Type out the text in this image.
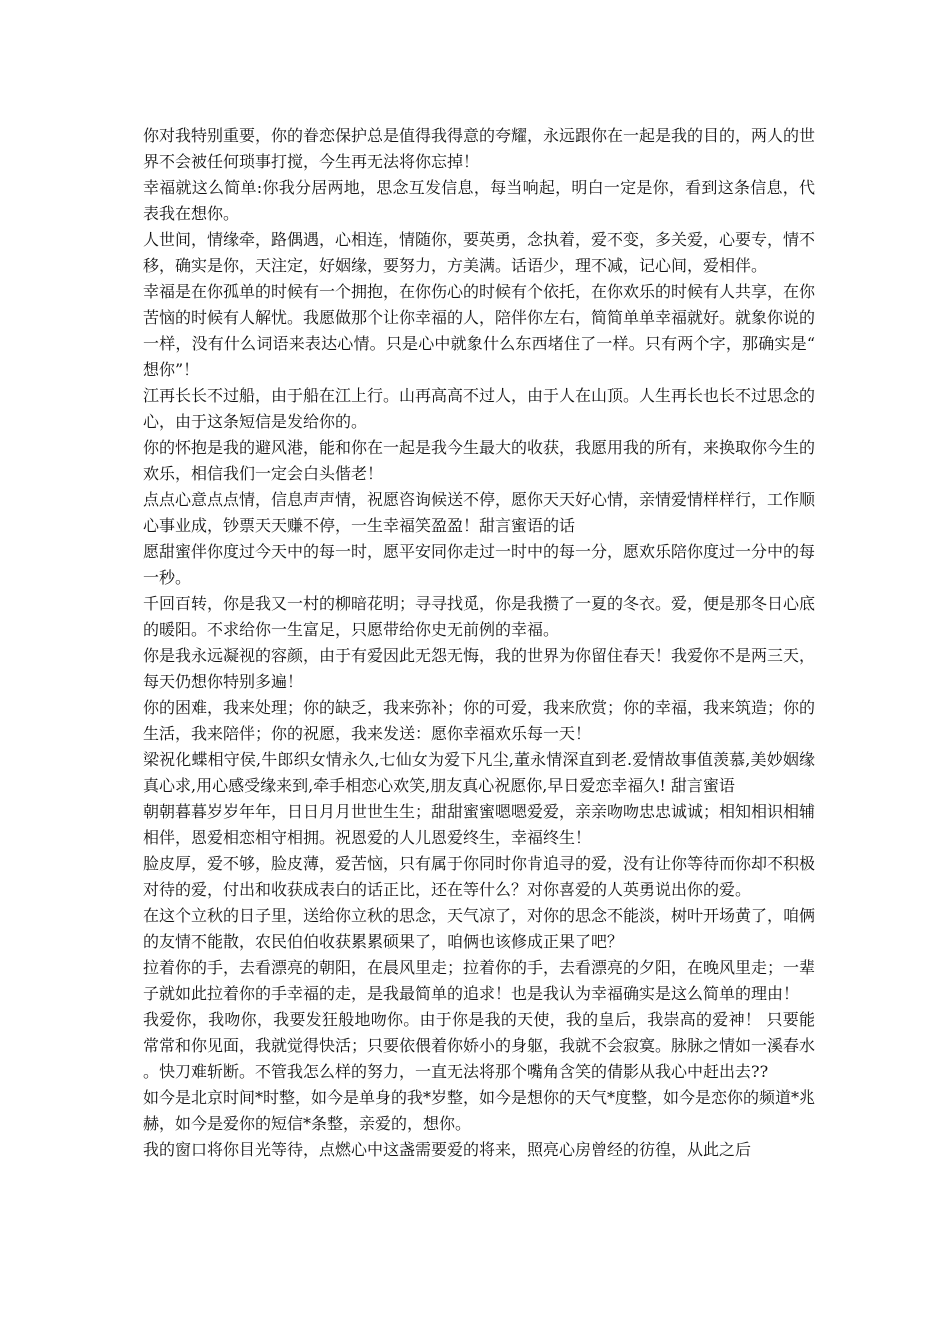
你对我特别重要，你的眷恋保护总是值得我得意的夸耀，永远跟你在一起是我的目的，两人的世界不会被任何琐事打搅，今生再无法将你忘掉！

幸福就这么简单:你我分居两地，思念互发信息，每当响起，明白一定是你，看到这条信息，代表我在想你。

人世间，情缘牵，路偶遇，心相连，情随你，要英勇，念执着，爱不变，多关爱，心要专，情不移，确实是你，天注定，好姻缘，要努力，方美满。话语少，理不减，记心间，爱相伴。

幸福是在你孤单的时候有一个拥抱，在你伤心的时候有个依托，在你欢乐的时候有人共享，在你苦恼的时候有人解忧。我愿做那个让你幸福的人，陪伴你左右，简简单单幸福就好。就象你说的一样，没有什么词语来表达心情。只是心中就象什么东西堵住了一样。只有两个字，那确实是“想你”！

江再长长不过船，由于船在江上行。山再高高不过人，由于人在山顶。人生再长也长不过思念的心，由于这条短信是发给你的。

你的怀抱是我的避风港，能和你在一起是我今生最大的收获，我愿用我的所有，来换取你今生的欢乐，相信我们一定会白头偕老！

点点心意点点情，信息声声情，祝愿咨询候送不停，愿你天天好心情，亲情爱情样样行，工作顺心事业成，钞票天天赚不停，一生幸福笑盈盈！甜言蜜语的话

愿甜蜜伴你度过今天中的每一时，愿平安同你走过一时中的每一分，愿欢乐陪你度过一分中的每一秒。

千回百转，你是我又一村的柳暗花明；寻寻找觅，你是我攒了一夏的冬衣。爱，便是那冬日心底的暖阳。不求给你一生富足，只愿带给你史无前例的幸福。

你是我永远凝视的容颜，由于有爱因此无怨无悔，我的世界为你留住春天！我爱你不是两三天，每天仍想你特别多遍！

你的困难，我来处理；你的缺乏，我来弥补；你的可爱，我来欣赏；你的幸福，我来筑造；你的生活，我来陪伴；你的祝愿，我来发送：愿你幸福欢乐每一天！

梁祝化蝶相守侯,牛郎织女情永久,七仙女为爱下凡尘,董永情深直到老.爱情故事值羡慕,美妙姻缘真心求,用心感受缘来到,牵手相恋心欢笑,朋友真心祝愿你,早日爱恋幸福久! 甜言蜜语

朝朝暮暮岁岁年年，日日月月世世生生；甜甜蜜蜜嗯嗯爱爱，亲亲吻吻忠忠诚诚；相知相识相辅相伴，恩爱相恋相守相拥。祝恩爱的人儿恩爱终生，幸福终生！

脸皮厚，爱不够，脸皮薄，爱苦恼，只有属于你同时你肯追寻的爱，没有让你等待而你却不积极对待的爱，付出和收获成表白的话正比，还在等什么？对你喜爱的人英勇说出你的爱。

在这个立秋的日子里，送给你立秋的思念，天气凉了，对你的思念不能淡，树叶开场黄了，咱俩的友情不能散，农民伯伯收获累累硕果了，咱俩也该修成正果了吧？

拉着你的手，去看漂亮的朝阳，在晨风里走；拉着你的手，去看漂亮的夕阳，在晚风里走；一辈子就如此拉着你的手幸福的走，是我最简单的追求！也是我认为幸福确实是这么简单的理由！

我爱你，我吻你，我要发狂般地吻你。由于你是我的天使，我的皇后，我崇高的爱神！ 只要能常常和你见面，我就觉得快活；只要依偎着你娇小的身躯，我就不会寂寞。脉脉之情如一溪春水。快刀难斩断。不管我怎么样的努力，一直无法将那个嘴角含笑的倩影从我心中赶出去??

如今是北京时间*时整，如今是单身的我*岁整，如今是想你的天气*度整，如今是恋你的频道*兆赫，如今是爱你的短信*条整，亲爱的，想你。

我的窗口将你目光等待，点燃心中这盏需要爱的将来，照亮心房曾经的彷徨，从此之后
